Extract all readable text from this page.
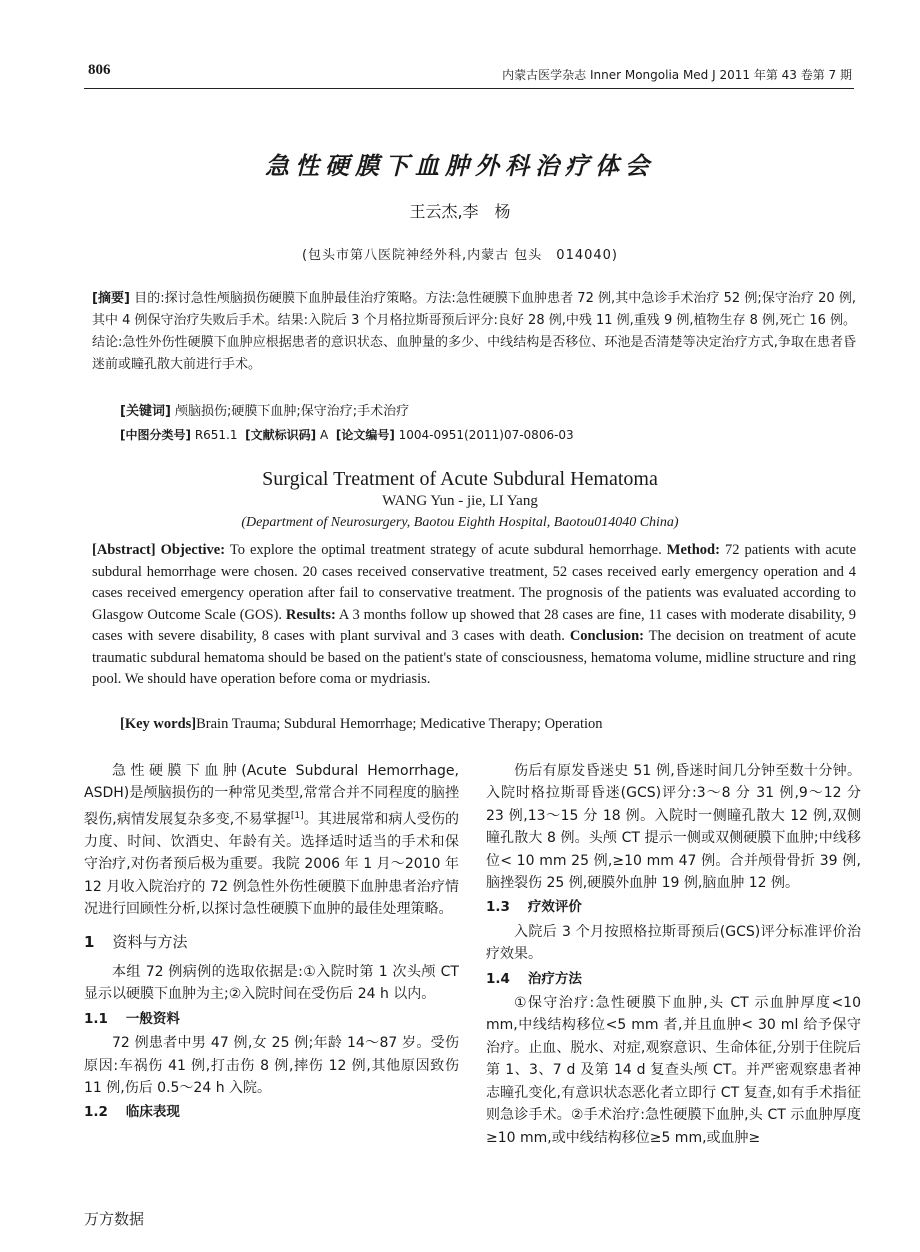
806	内蒙古医学杂志 Inner Mongolia Med J 2011 年第 43 卷第 7 期
急性硬膜下血肿外科治疗体会
王云杰,李　杨
(包头市第八医院神经外科,内蒙古 包头　014040)
[摘要] 目的:探讨急性颅脑损伤硬膜下血肿最佳治疗策略。方法:急性硬膜下血肿患者 72 例,其中急诊手术治疗 52 例;保守治疗 20 例,其中 4 例保守治疗失败后手术。结果:入院后 3 个月格拉斯哥预后评分:良好 28 例,中残 11 例,重残 9 例,植物生存 8 例,死亡 16 例。结论:急性外伤性硬膜下血肿应根据患者的意识状态、血肿量的多少、中线结构是否移位、环池是否清楚等决定治疗方式,争取在患者昏迷前或瞳孔散大前进行手术。
[关键词] 颅脑损伤;硬膜下血肿;保守治疗;手术治疗
[中图分类号] R651.1 [文献标识码] A [论文编号] 1004-0951(2011)07-0806-03
Surgical Treatment of Acute Subdural Hematoma
WANG Yun - jie, LI Yang
(Department of Neurosurgery, Baotou Eighth Hospital, Baotou014040 China)
[Abstract] Objective: To explore the optimal treatment strategy of acute subdural hemorrhage. Method: 72 patients with acute subdural hemorrhage were chosen. 20 cases received conservative treatment, 52 cases received early emergency operation and 4 cases received emergency operation after fail to conservative treatment. The prognosis of the patients was evaluated according to Glasgow Outcome Scale (GOS). Results: A 3 months follow up showed that 28 cases are fine, 11 cases with moderate disability, 9 cases with severe disability, 8 cases with plant survival and 3 cases with death. Conclusion: The decision on treatment of acute traumatic subdural hematoma should be based on the patient's state of consciousness, hematoma volume, midline structure and ring pool. We should have operation before coma or mydriasis.
[Key words]Brain Trauma; Subdural Hemorrhage; Medicative Therapy; Operation

急性硬膜下血肿(Acute Subdural Hemorrhage, ASDH)是颅脑损伤的一种常见类型,常常合并不同程度的脑挫裂伤,病情发展复杂多变,不易掌握[1]。其进展常和病人受伤的力度、时间、饮酒史、年龄有关。选择适时适当的手术和保守治疗,对伤者预后极为重要。我院 2006 年 1 月～2010 年 12 月收入院治疗的 72 例急性外伤性硬膜下血肿患者治疗情况进行回顾性分析,以探讨急性硬膜下血肿的最佳处理策略。

1 资料与方法

本组 72 例病例的选取依据是:①入院时第 1 次头颅 CT 显示以硬膜下血肿为主;②入院时间在受伤后 24 h 以内。

1.1 一般资料

72 例患者中男 47 例,女 25 例;年龄 14～87 岁。受伤原因:车祸伤 41 例,打击伤 8 例,摔伤 12 例,其他原因致伤 11 例,伤后 0.5～24 h 入院。

1.2 临床表现

伤后有原发昏迷史 51 例,昏迷时间几分钟至数十分钟。入院时格拉斯哥昏迷(GCS)评分:3～8 分 31 例,9～12 分 23 例,13～15 分 18 例。入院时一侧瞳孔散大 12 例,双侧瞳孔散大 8 例。头颅 CT 提示一侧或双侧硬膜下血肿;中线移位< 10 mm 25 例,≥10 mm 47 例。合并颅骨骨折 39 例,脑挫裂伤 25 例,硬膜外血肿 19 例,脑血肿 12 例。

1.3 疗效评价

入院后 3 个月按照格拉斯哥预后(GCS)评分标准评价治疗效果。

1.4 治疗方法

①保守治疗:急性硬膜下血肿,头 CT 示血肿厚度<10 mm,中线结构移位<5 mm 者,并且血肿< 30 ml 给予保守治疗。止血、脱水、对症,观察意识、生命体征,分别于住院后第 1、3、7 d 及第 14 d 复查头颅 CT。并严密观察患者神志瞳孔变化,有意识状态恶化者立即行 CT 复查,如有手术指征则急诊手术。②手术治疗:急性硬膜下血肿,头 CT 示血肿厚度≥10 mm,或中线结构移位≥5 mm,或血肿≥

万方数据
